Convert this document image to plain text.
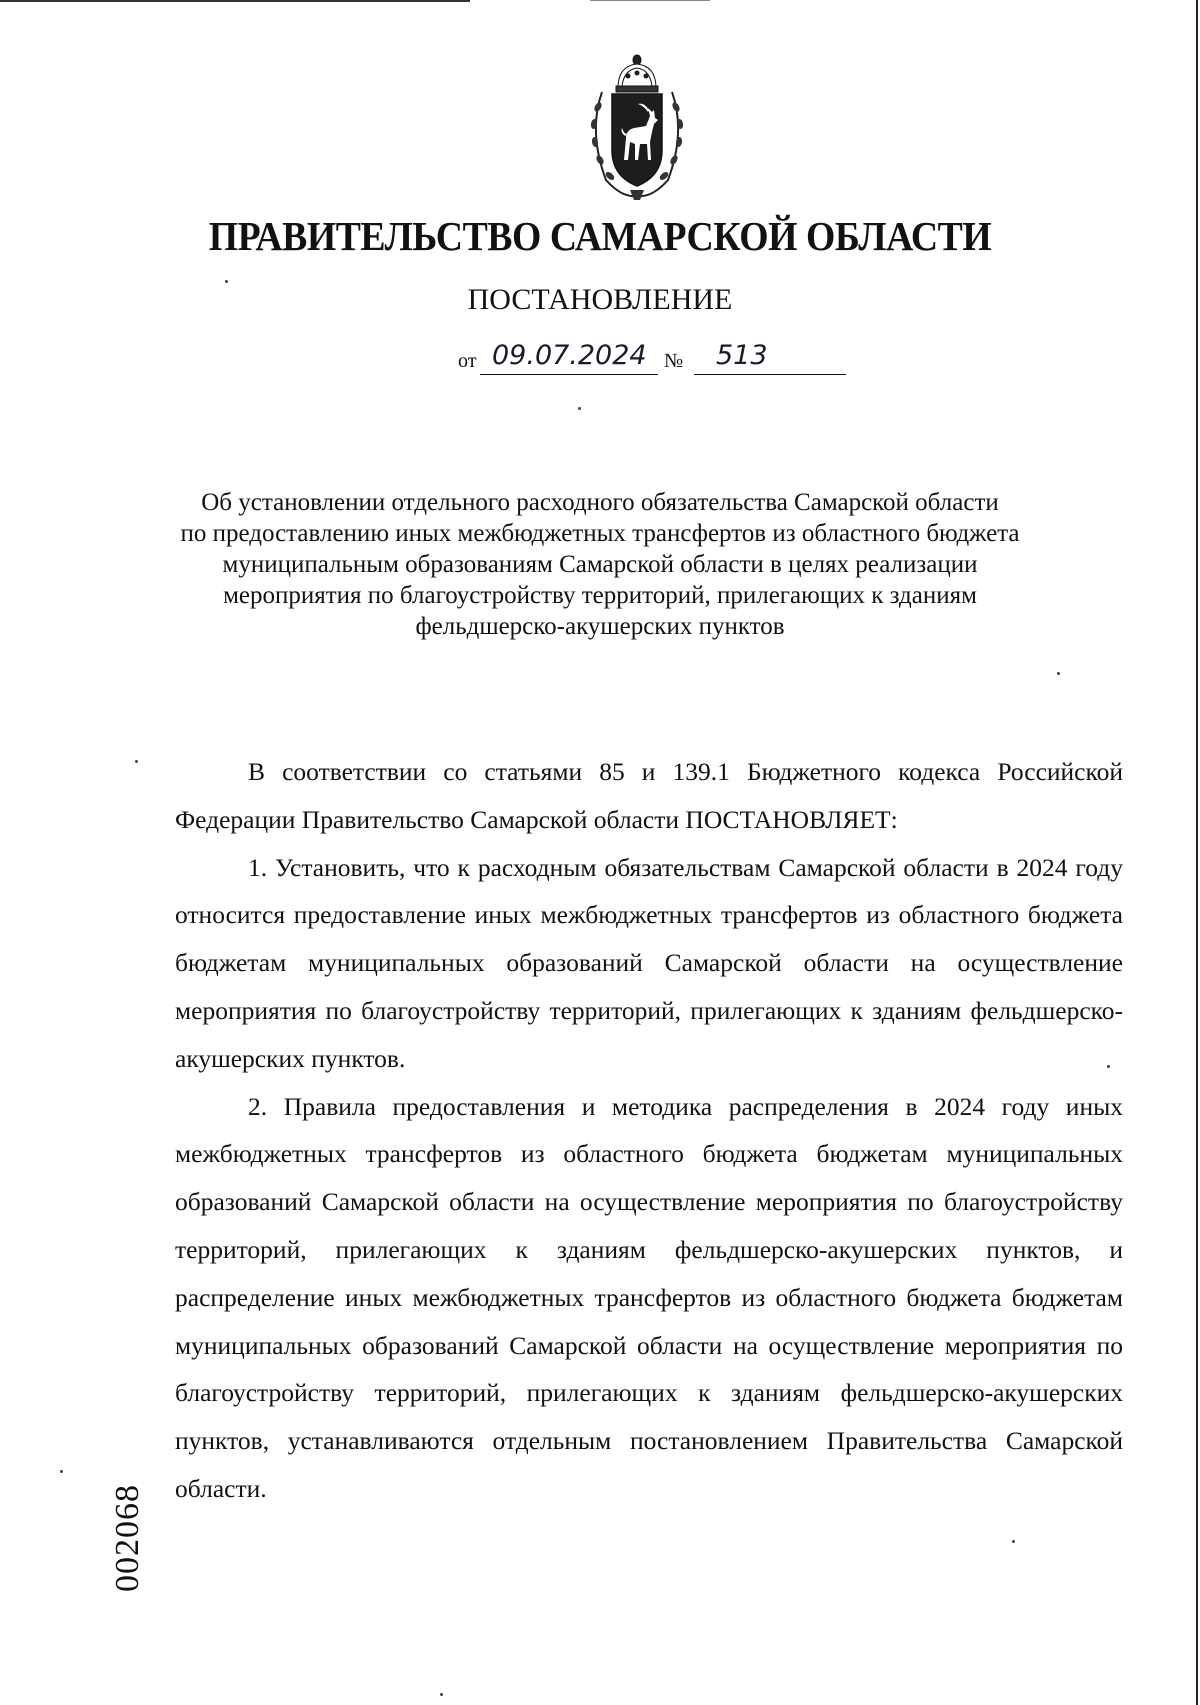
ПРАВИТЕЛЬСТВО САМАРСКОЙ ОБЛАСТИ
ПОСТАНОВЛЕНИЕ
от 09.07.2024 № 513
Об установлении отдельного расходного обязательства Самарской области
по предоставлению иных межбюджетных трансфертов из областного бюджета
муниципальным образованиям Самарской области в целях реализации
мероприятия по благоустройству территорий, прилегающих к зданиям
фельдшерско-акушерских пунктов

В соответствии со статьями 85 и 139.1 Бюджетного кодекса Российской Федерации Правительство Самарской области ПОСТАНОВЛЯЕТ:

1. Установить, что к расходным обязательствам Самарской области в 2024 году относится предоставление иных межбюджетных трансфертов из областного бюджета бюджетам муниципальных образований Самарской области на осуществление мероприятия по благоустройству территорий, прилегающих к зданиям фельдшерско-акушерских пунктов.

2. Правила предоставления и методика распределения в 2024 году иных межбюджетных трансфертов из областного бюджета бюджетам муниципальных образований Самарской области на осуществление мероприятия по благоустройству территорий, прилегающих к зданиям фельдшерско-акушерских пунктов, и распределение иных межбюджетных трансфертов из областного бюджета бюджетам муниципальных образований Самарской области на осуществление мероприятия по благоустройству территорий, прилегающих к зданиям фельдшерско-акушерских пунктов, устанавливаются отдельным постановлением Правительства Самарской области.

002068
